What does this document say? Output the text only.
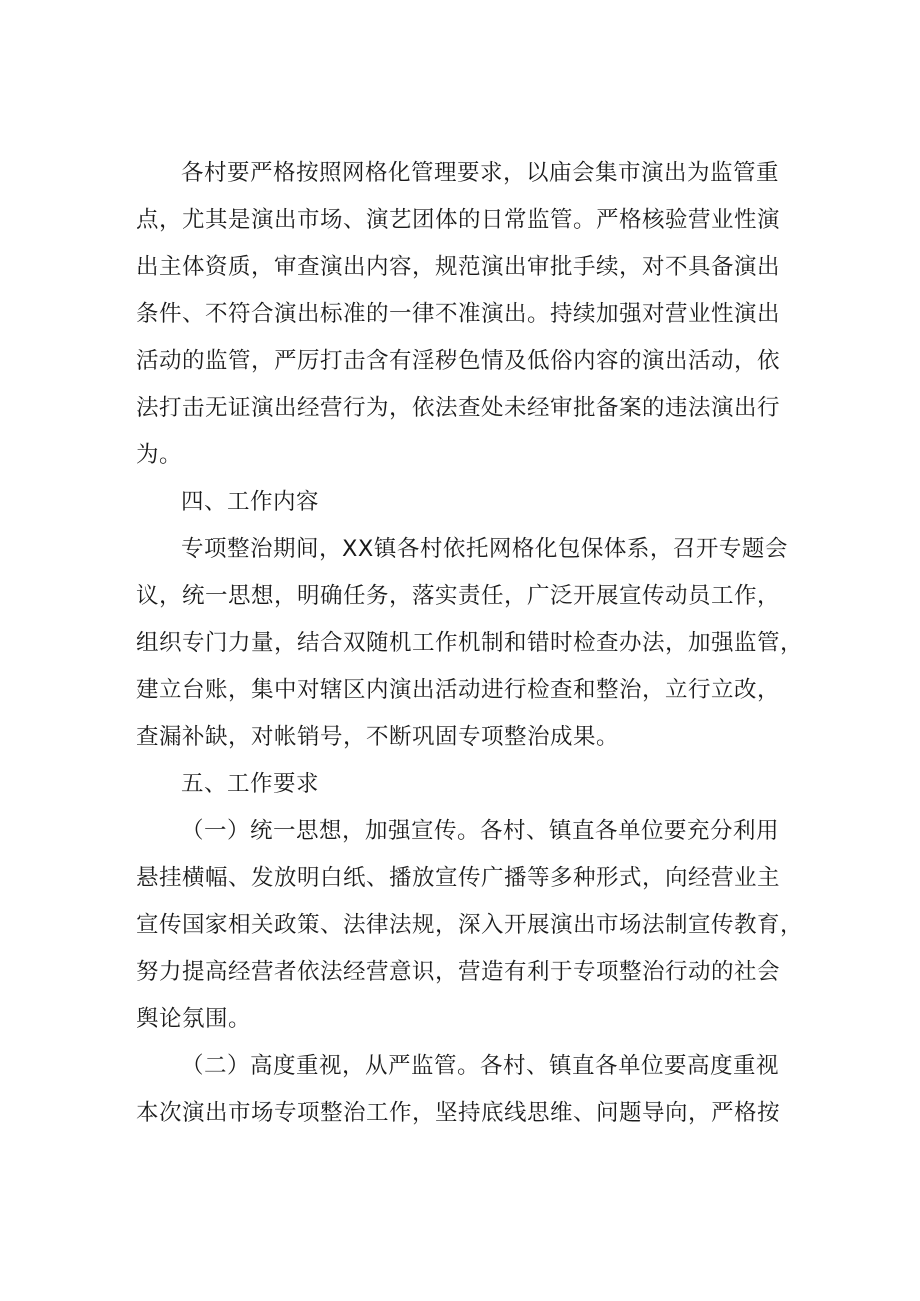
各村要严格按照网格化管理要求，以庙会集市演出为监管重
点，尤其是演出市场、演艺团体的日常监管。严格核验营业性演
出主体资质，审查演出内容，规范演出审批手续，对不具备演出
条件、不符合演出标准的一律不准演出。持续加强对营业性演出
活动的监管，严厉打击含有淫秽色情及低俗内容的演出活动，依
法打击无证演出经营行为，依法查处未经审批备案的违法演出行
为。
四、工作内容
专项整治期间，XX镇各村依托网格化包保体系，召开专题会
议，统一思想，明确任务，落实责任，广泛开展宣传动员工作，
组织专门力量，结合双随机工作机制和错时检查办法，加强监管，
建立台账，集中对辖区内演出活动进行检查和整治，立行立改，
查漏补缺，对帐销号，不断巩固专项整治成果。
五、工作要求
（一）统一思想，加强宣传。各村、镇直各单位要充分利用
悬挂横幅、发放明白纸、播放宣传广播等多种形式，向经营业主
宣传国家相关政策、法律法规，深入开展演出市场法制宣传教育，
努力提高经营者依法经营意识，营造有利于专项整治行动的社会
舆论氛围。
（二）高度重视，从严监管。各村、镇直各单位要高度重视
本次演出市场专项整治工作，坚持底线思维、问题导向，严格按
